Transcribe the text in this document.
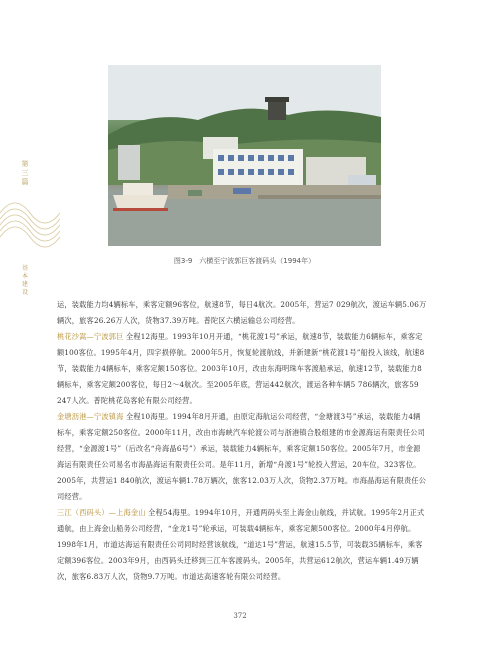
图3-9　六横至宁波郭巨客渡码头（1994年）
第三篇
基本建设

运，装载能力均4辆标车，乘客定额96客位，航速8节，每日4航次。2005年，营运7 029航次，渡运车辆5.06万辆次，旅客26.26万人次，货物37.39万吨。普陀区六横运输总公司经营。

桃花沙嵩—宁波郭巨 全程12海里。1993年10月开通，“桃花渡1号”承运，航速8节，装载能力6辆标车，乘客定额100客位。1995年4月，四字损停航。2000年5月，恢复轮渡航线，并新建新“桃花渡1号”船投入该线，航速8节，装载能力4辆标车，乘客定额150客位。2003年10月，改由东海明珠车客渡船承运，航速12节，装载能力8辆标车，乘客定额200客位，每日2～4航次。至2005年底，营运442航次，渡运各种车辆5 786辆次，旅客59 247人次。普陀桃花岛客轮有限公司经营。

金塘沥港—宁波镇海 全程10海里。1994年8月开通，由原定海航运公司经营，“金塘渡3号”承运，装载能力4辆标车，乘客定额250客位。2000年11月，改由市海峡汽车轮渡公司与浙港镇合股组建的市金源海运有限责任公司经营，“金源渡1号”（后改名“舟海晶6号”）承运，装载能力4辆标车，乘客定额150客位。2005年7月，市金源海运有限责任公司易名市海晶海运有限责任公司。是年11月，新增“舟渡1号”轮投入营运，20车位，323客位。2005年，共营运1 840航次，渡运车辆1.78万辆次，旅客12.03万人次，货物2.37万吨。市海晶海运有限责任公司经营。

三江（西码头）—上海金山 全程54海里。1994年10月，开通两码头至上海金山航线，并试航。1995年2月正式通航，由上海金山船务公司经营，“金龙1号”轮承运，可装载4辆标车，乘客定额500客位。2000年4月停航。1998年1月，市道达海运有限责任公司同时经营该航线，“道达1号”营运，航速15.5节，可装载35辆标车，乘客定额396客位。2003年9月，由西码头迁移到三江车客渡码头。2005年，共营运612航次，营运车辆1.49万辆次，旅客6.83万人次，货物9.7万吨。市道达高速客轮有限公司经营。

372
